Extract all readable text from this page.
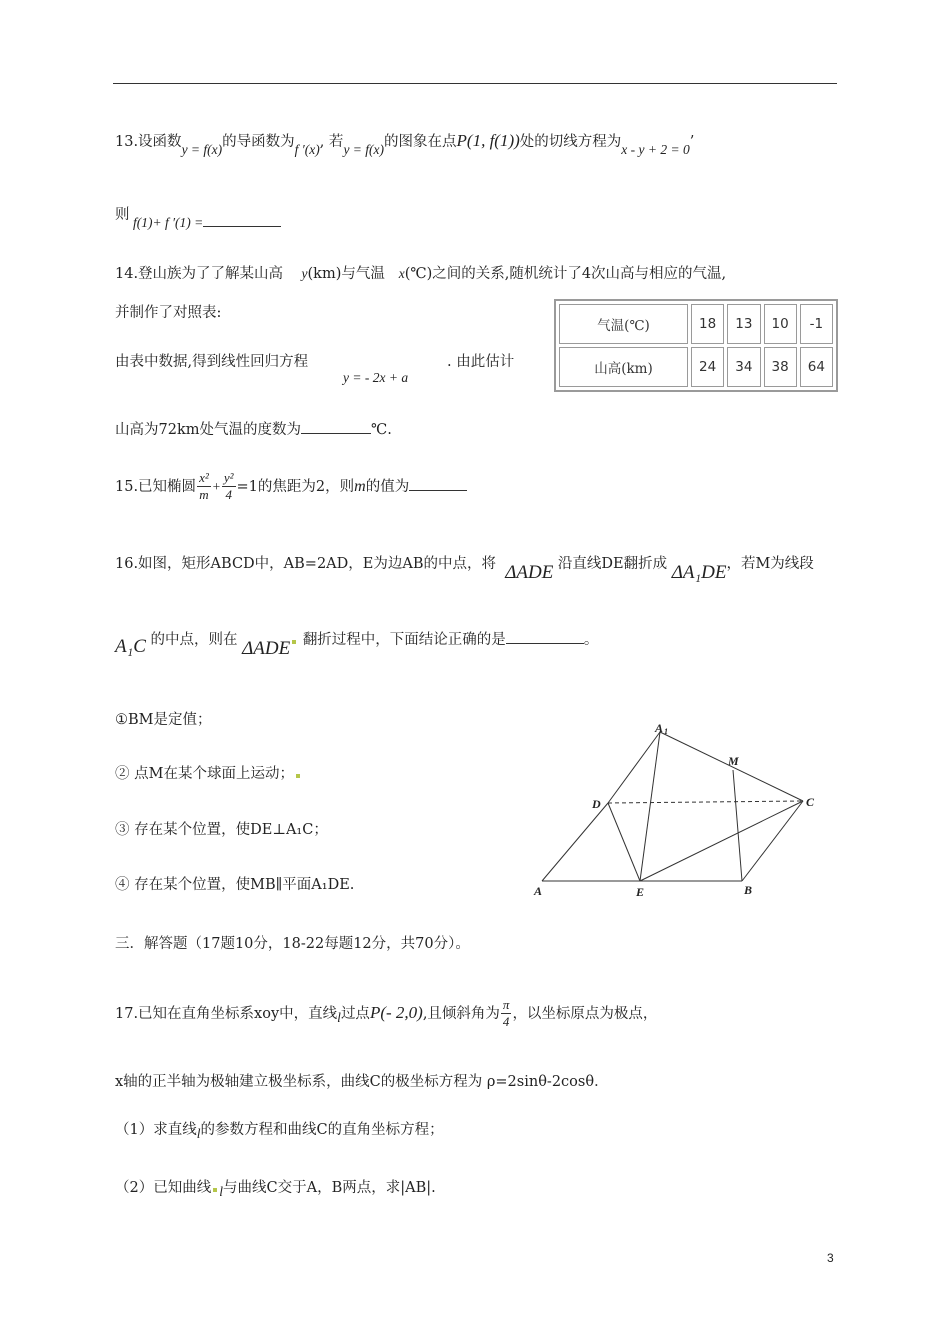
13.设函数y = f(x)的导函数为f ′(x), 若y = f(x)的图象在点P(1, f(1))处的切线方程为x - y + 2 = 0’
则 f(1)+ f ′(1) =
14.登山族为了了解某山高 y(km)与气温 x(℃)之间的关系,随机统计了4次山高与相应的气温,
并制作了对照表:
由表中数据,得到线性回归方程
y = - 2x + a
. 由此估计
山高为72km处气温的度数为	℃.
气温(℃)	18	13	10	-1
山高(km)	24	34	38	64
15.已知椭圆 $\frac{\text{x²}}{m} + \frac{\text{y²}}{4} =1$的焦距为2，则m的值为
16.如图，矩形ABCD中，AB=2AD，E为边AB的中点，将 ΔADE 沿直线DE翻折成 ΔA₁DE，若M为线段
A₁C 的中点，则在 ΔADE 翻折过程中，下面结论正确的是	。
①BM是定值；
② 点M在某个球面上运动；
③ 存在某个位置，使DE⊥A₁C；
④ 存在某个位置，使MB∥平面A₁DE.	A	B
C
D
E
M
A 1
三．解答题（17题10分，18-22每题12分，共70分）。
17.已知在直角坐标系xoy中，直线l过点P(- 2,0),且倾斜角为 $\frac{\pi}{4}$ ，以坐标原点为极点，
x轴的正半轴为极轴建立极坐标系，曲线C的极坐标方程为 ρ=2sinθ-2cosθ．
（1）求直线l的参数方程和曲线C的直角坐标方程；
（2）已知曲线 l与曲线C交于A，B两点，求|AB|.
3
